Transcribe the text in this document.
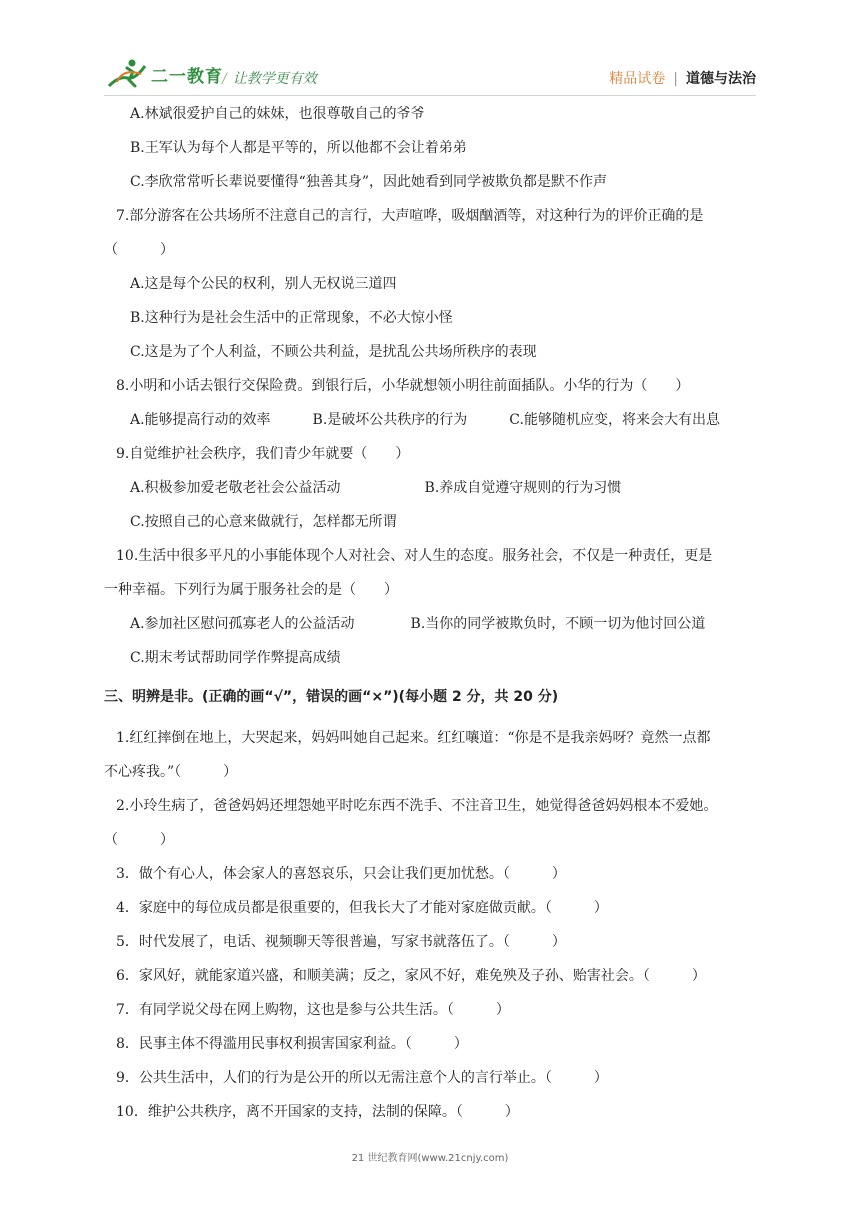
二一教育 / 让教学更有效	精品试卷 | 道德与法治
A.林斌很爱护自己的妹妹，也很尊敬自己的爷爷
B.王军认为每个人都是平等的，所以他都不会让着弟弟
C.李欣常常听长辈说要懂得“独善其身”，因此她看到同学被欺负都是默不作声
7.部分游客在公共场所不注意自己的言行，大声喧哗，吸烟酗酒等，对这种行为的评价正确的是
（　　　）
A.这是每个公民的权利，别人无权说三道四
B.这种行为是社会生活中的正常现象，不必大惊小怪
C.这是为了个人利益，不顾公共利益，是扰乱公共场所秩序的表现
8.小明和小话去银行交保险费。到银行后，小华就想领小明往前面插队。小华的行为（　　）
A.能够提高行动的效率　　　B.是破坏公共秩序的行为　　　C.能够随机应变，将来会大有出息
9.自觉维护社会秩序，我们青少年就要（　　）
A.积极参加爱老敬老社会公益活动　　　　　　B.养成自觉遵守规则的行为习惯
C.按照自己的心意来做就行，怎样都无所谓
10.生活中很多平凡的小事能体现个人对社会、对人生的态度。服务社会，不仅是一种责任，更是
一种幸福。下列行为属于服务社会的是（　　）
A.参加社区慰问孤寡老人的公益活动　　　　B.当你的同学被欺负时，不顾一切为他讨回公道
C.期末考试帮助同学作弊提高成绩
三、明辨是非。(正确的画“√”，错误的画“×”)(每小题 2 分，共 20 分)
1.红红摔倒在地上，大哭起来，妈妈叫她自己起来。红红嚷道：“你是不是我亲妈呀？竟然一点都
不心疼我。”（　　　）
2.小玲生病了，爸爸妈妈还埋怨她平时吃东西不洗手、不注音卫生，她觉得爸爸妈妈根本不爱她。
（　　　）
3．做个有心人，体会家人的喜怒哀乐，只会让我们更加忧愁。（　　　）
4．家庭中的每位成员都是很重要的，但我长大了才能对家庭做贡献。（　　　）
5．时代发展了，电话、视频聊天等很普遍，写家书就落伍了。（　　　）
6．家风好，就能家道兴盛，和顺美满；反之，家风不好，难免殃及子孙、贻害社会。（　　　）
7．有同学说父母在网上购物，这也是参与公共生活。（　　　）
8．民事主体不得滥用民事权利损害国家利益。（　　　）
9．公共生活中，人们的行为是公开的所以无需注意个人的言行举止。（　　　）
10．维护公共秩序，离不开国家的支持，法制的保障。（　　　）
21 世纪教育网(www.21cnjy.com)
